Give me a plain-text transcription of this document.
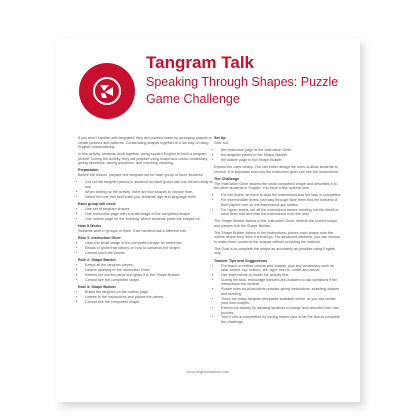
Tangram Talk
Speaking Through Shapes: Puzzle Game Challenge

If you aren't familiar with tangrams, they are puzzles made by arranging shapes to create pictures and patterns. Constructing shapes together is a fun way of using English collaboratively.

In this activity, students work together, using spoken English to build a tangram picture. During the activity, they will practise using shape and colour vocabulary, giving directions, asking questions, and checking meaning.

Preparation

Before the lesson, prepare one tangram set for each group of three students.

• Cut out the tangram pieces in advance so each group has one full set ready to use.
• When setting up the activity, there are four shapes to choose from.
• Select the one that best suits your students' age and language level.

Each group will need:

• One set of tangram shapes
• One instruction page with a small image of the completed shape
• One outline page for the 'building' where students place the shapes on.

How It Works

Students work in groups of three. Each student has a different role.

Role 1: Instruction Giver

• Uses the small image of the completed shape for reference.
• Reads or gives instructions on how to construct the shape.
• Cannot touch the pieces.

Role 2: Shape Banker

• Keeps all the tangram pieces.
• Listens carefully to the Instruction Giver.
• Selects the correct piece and gives it to the Shape Builder.
• Cannot see the completed shape.

Role 3: Shape Builder

• Builds the tangram on the outline page.
• Listens to the instructions and places the pieces.
• Cannot see the completed shape.

Set Up

Give out:

• the instruction page to the Instruction Giver
• the tangram pieces to the Shape Banker
• the outline page to the Shape Builder.

Explain the roles clearly. You can either assign the roles or allow students to choose. It is important that only the instruction giver can see the instructions.

The Challenge

The Instruction Giver studies the small completed shape and describes it to the other students in English. You have a few options here:

• For low levels, let them to read the instructions and the task is completed.
• For intermediate levels, part way through have them fold the bottoms of their papers over so the instructions are hidden.
• For higher levels, cut off the instructions before handing out the sheet or have them fold and hide the instructions from the start.

The Shape Banker listens to the Instruction Giver, selects the correct shape and passes it to the Shape Builder.

The Shape Builder listens to the instructions, places each shape onto the outline where they think it should go. For advanced students, you can choose to make them construct the shapes without providing the outlines.

The Goal is to complete the shape as accurately as possible using English only.

Teacher Tips and Suggestions

• Pre-teach or review colours and shapes, plus key vocabulary such as side, corner, top, bottom, left, right, next to, under and above.
• Use instruments to model the activity first.
• During the task, encourage bankers and builders to ask questions if the instructions are unclear.
• Rotate roles so all students practise giving instructions, selecting shapes and building.
• There are many tangram templates available online, or you can create your own shapes.
• Extend the activity by allowing students to design and describe their own puzzles.
• Turn it into a competition by having teams race to be the first to complete the challenge.
shop.englishinaction.com
